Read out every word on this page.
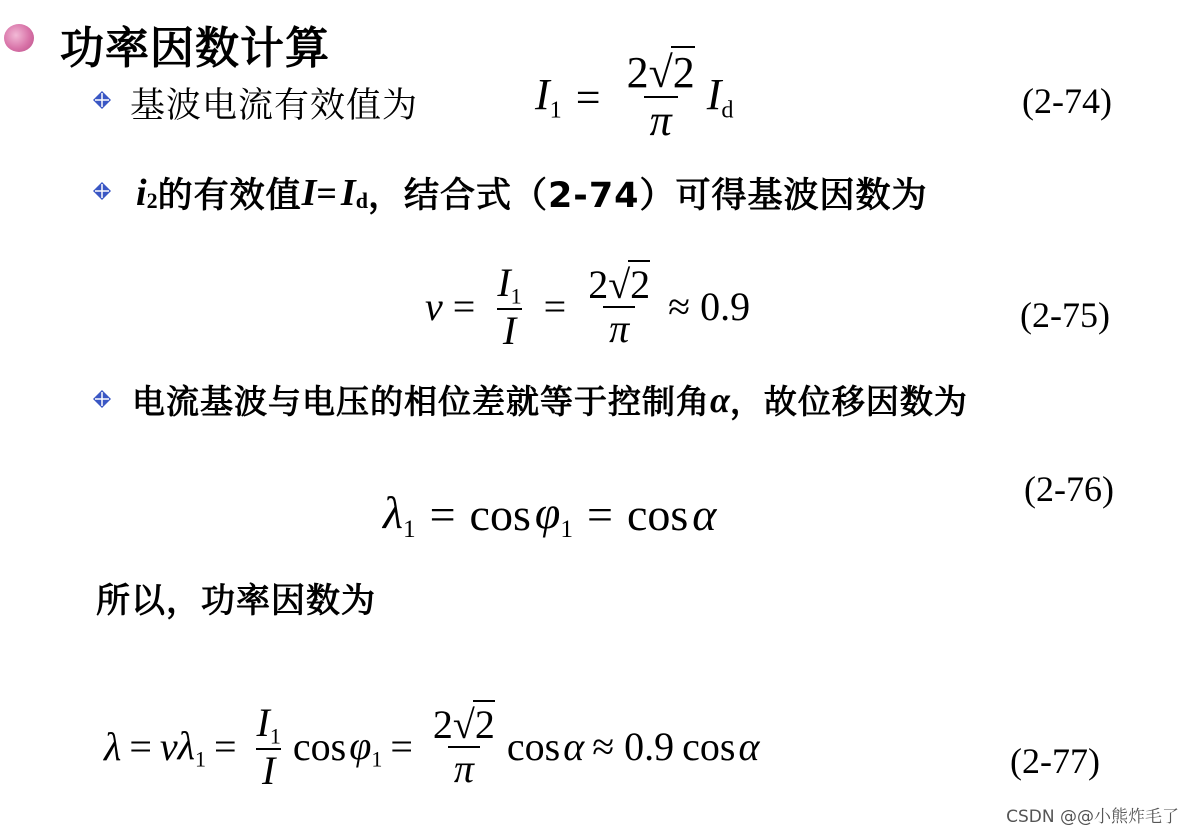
功率因数计算
基波电流有效值为	$I_1 = \frac{2√2}{\pi} I_d$	(2-74)
i 2 的有效值 I = I d ，结合式（2-74）可得基波因数为
$\nu = \frac{I_1}{I} = \frac{2√2}{\pi} \approx 0.9$	(2-75)
电流基波与电压的相位差就等于控制角 α ，故位移因数为
$\lambda_1 = \cos \varphi_1 = \cos \alpha$
(2-76)
所以，功率因数为
λ = ν $\lambda_1 = \frac{I_1}{I}$ $\cos \varphi_1 = \frac{2√2}{\pi}$ cos α ≈ 0.9 cos α	(2-77)
CSDN @@小熊炸毛了
